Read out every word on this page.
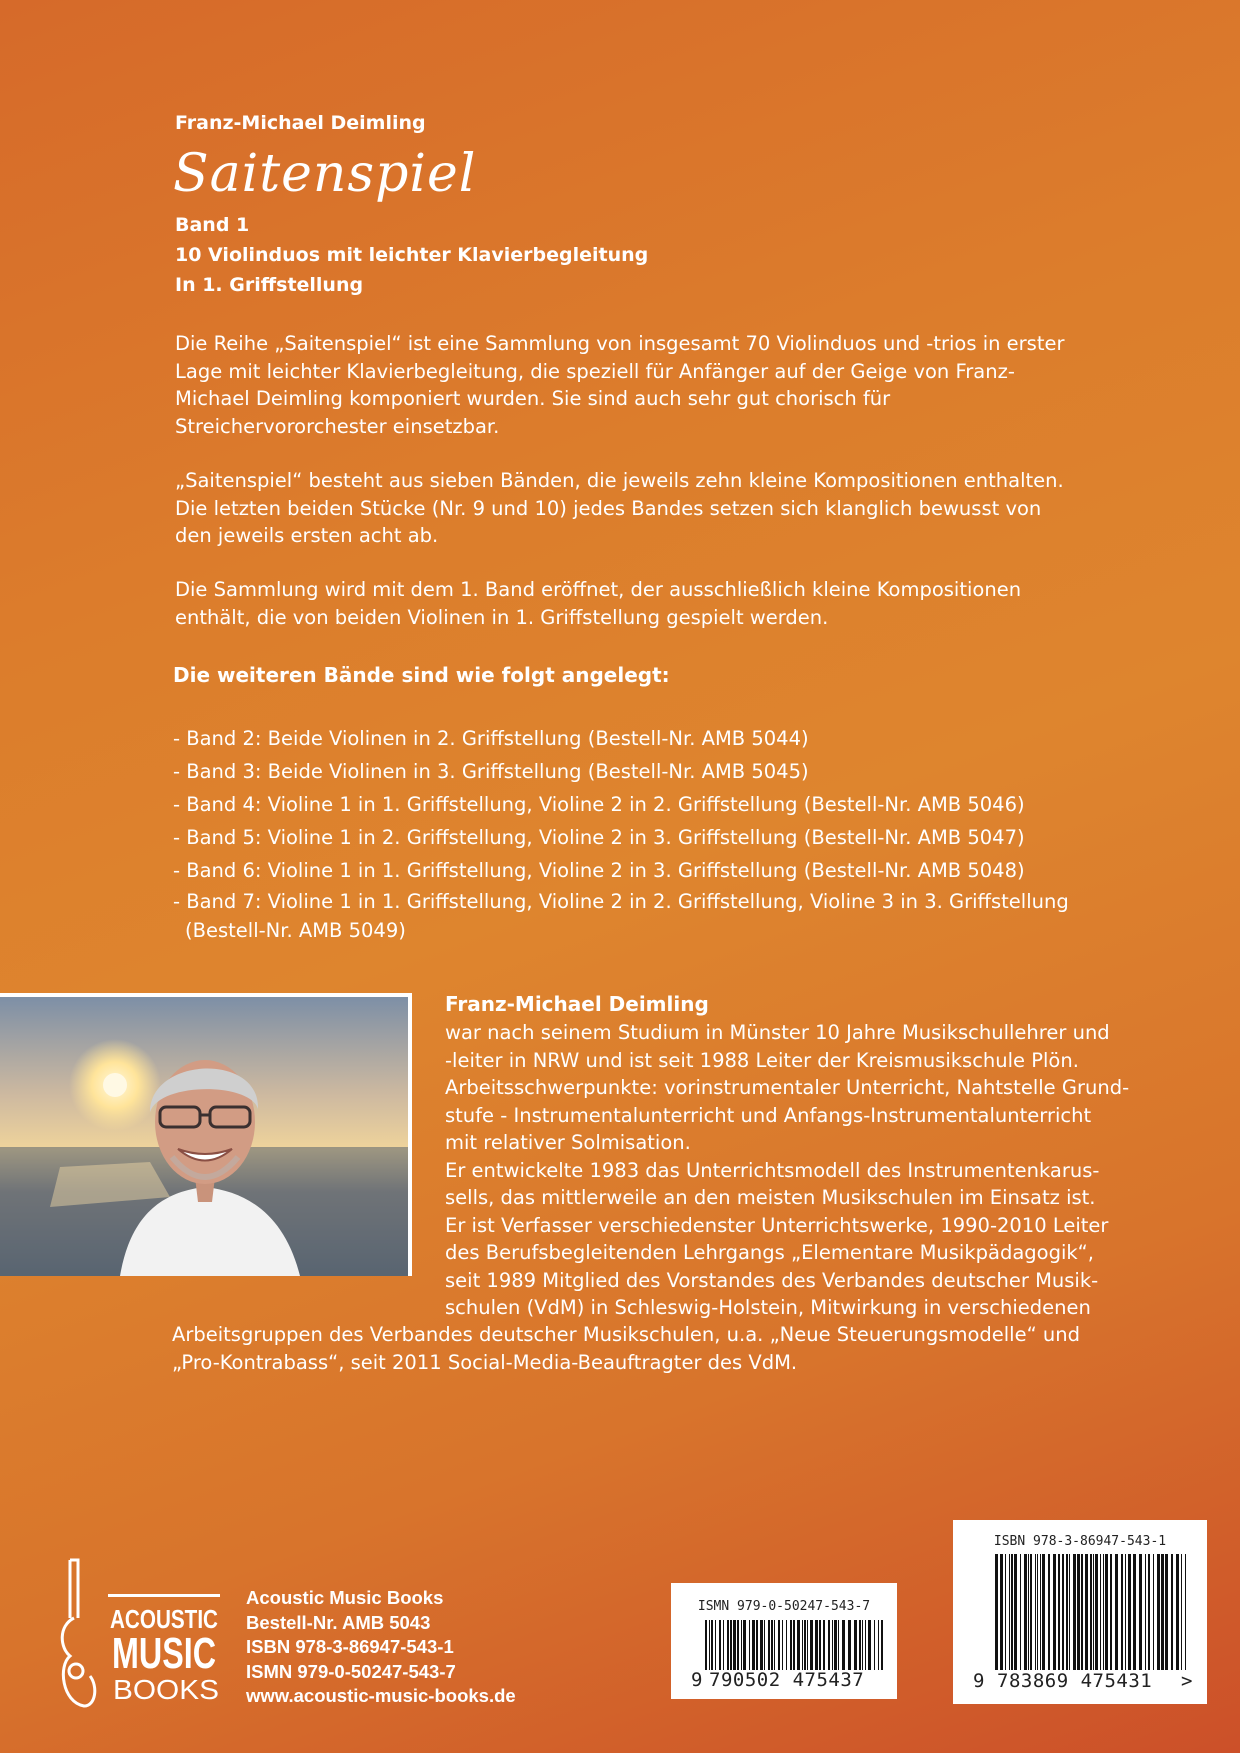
Franz-Michael Deimling
Saitenspiel
Band 1
10 Violinduos mit leichter Klavierbegleitung
In 1. Griffstellung
Die Reihe „Saitenspiel“ ist eine Sammlung von insgesamt 70 Violinduos und -trios in erster Lage mit leichter Klavierbegleitung, die speziell für Anfänger auf der Geige von Franz-Michael Deimling komponiert wurden. Sie sind auch sehr gut chorisch für Streichervororchester einsetzbar.
„Saitenspiel“ besteht aus sieben Bänden, die jeweils zehn kleine Kompositionen enthalten. Die letzten beiden Stücke (Nr. 9 und 10) jedes Bandes setzen sich klanglich bewusst von den jeweils ersten acht ab.
Die Sammlung wird mit dem 1. Band eröffnet, der ausschließlich kleine Kompositionen enthält, die von beiden Violinen in 1. Griffstellung gespielt werden.
Die weiteren Bände sind wie folgt angelegt:
- Band 2: Beide Violinen in 2. Griffstellung (Bestell-Nr. AMB 5044)
- Band 3: Beide Violinen in 3. Griffstellung (Bestell-Nr. AMB 5045)
- Band 4: Violine 1 in 1. Griffstellung, Violine 2 in 2. Griffstellung (Bestell-Nr. AMB 5046)
- Band 5: Violine 1 in 2. Griffstellung, Violine 2 in 3. Griffstellung (Bestell-Nr. AMB 5047)
- Band 6: Violine 1 in 1. Griffstellung, Violine 2 in 3. Griffstellung (Bestell-Nr. AMB 5048)
- Band 7: Violine 1 in 1. Griffstellung, Violine 2 in 2. Griffstellung, Violine 3 in 3. Griffstellung
(Bestell-Nr. AMB 5049)
Franz-Michael Deimling
war nach seinem Studium in Münster 10 Jahre Musikschullehrer und
-leiter in NRW und ist seit 1988 Leiter der Kreismusikschule Plön.
Arbeitsschwerpunkte: vorinstrumentaler Unterricht, Nahtstelle Grund-
stufe - Instrumentalunterricht und Anfangs-Instrumentalunterricht
mit relativer Solmisation.
Er entwickelte 1983 das Unterrichtsmodell des Instrumentenkarus-
sells, das mittlerweile an den meisten Musikschulen im Einsatz ist.
Er ist Verfasser verschiedenster Unterrichtswerke, 1990-2010 Leiter
des Berufsbegleitenden Lehrgangs „Elementare Musikpädagogik“,
seit 1989 Mitglied des Vorstandes des Verbandes deutscher Musik-
schulen (VdM) in Schleswig-Holstein, Mitwirkung in verschiedenen
Arbeitsgruppen des Verbandes deutscher Musikschulen, u.a. „Neue Steuerungsmodelle“ und
„Pro-Kontrabass“, seit 2011 Social-Media-Beauftragter des VdM.
ACOUSTIC
MUSIC
BOOKS
Acoustic Music Books
Bestell-Nr. AMB 5043
ISBN 978-3-86947-543-1
ISMN 979-0-50247-543-7
www.acoustic-music-books.de
ISMN 979-0-50247-543-7
9 790502 475437
ISBN 978-3-86947-543-1
9 783869 475431 >
